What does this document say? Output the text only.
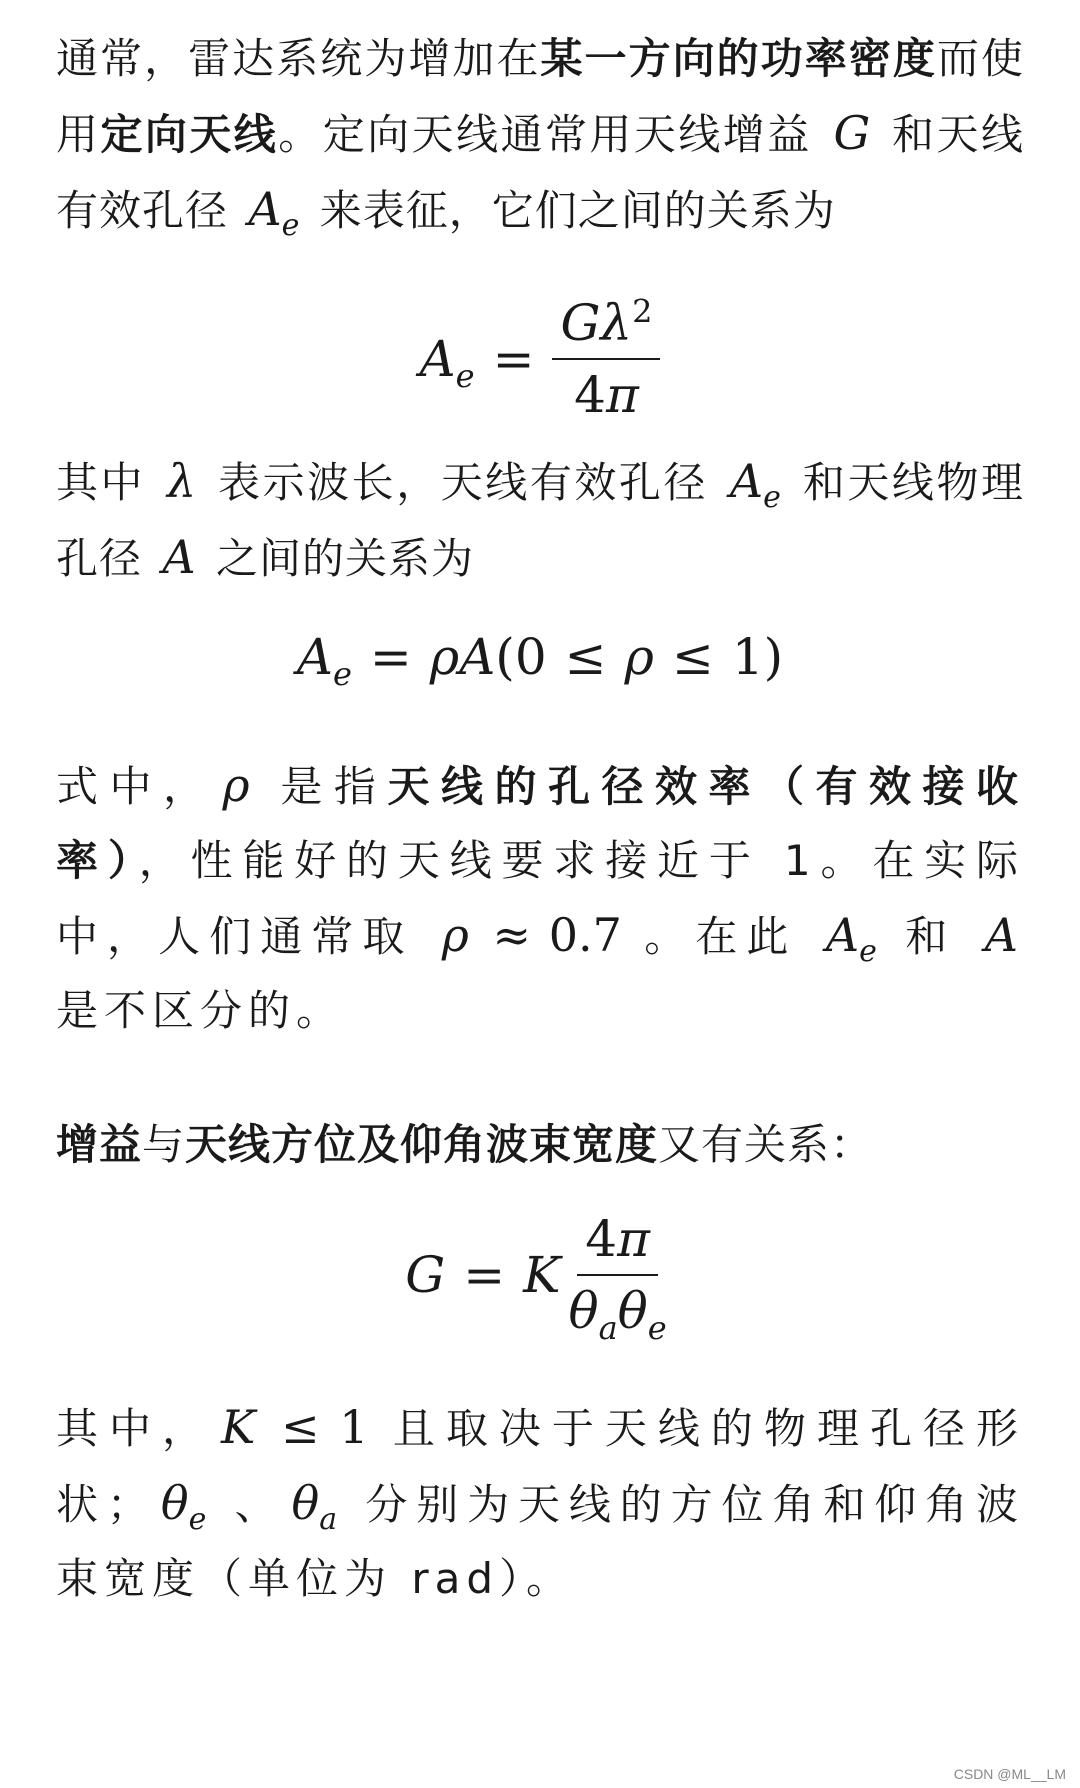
通常，雷达系统为增加在某一方向的功率密度而使用定向天线。定向天线通常用天线增益 G 和天线有效孔径 $A_e$ 来表征，它们之间的关系为

$A_e = \frac{G\lambda^2}{4\pi}$

其中 λ 表示波长，天线有效孔径 $A_e$ 和天线物理孔径 A 之间的关系为

$A_e = \rho$ A ( 0 ≤ ρ ≤ 1 )

式中， ρ 是指天线的孔径效率（有效接收率），性能好的天线要求接近于 1。在实际中，人们通常取 ρ ≈ 0.7 。在此 $A_e$ 和 A 是不区分的。

增益与天线方位及仰角波束宽度又有关系：

G = K $\frac{4\pi}{\theta_a\theta_e}$

其中， K ≤ 1 且取决于天线的物理孔径形状； $\theta_e$ 、 $\theta_a$ 分别为天线的方位角和仰角波束宽度（单位为 rad）。

CSDN @ML__LM
